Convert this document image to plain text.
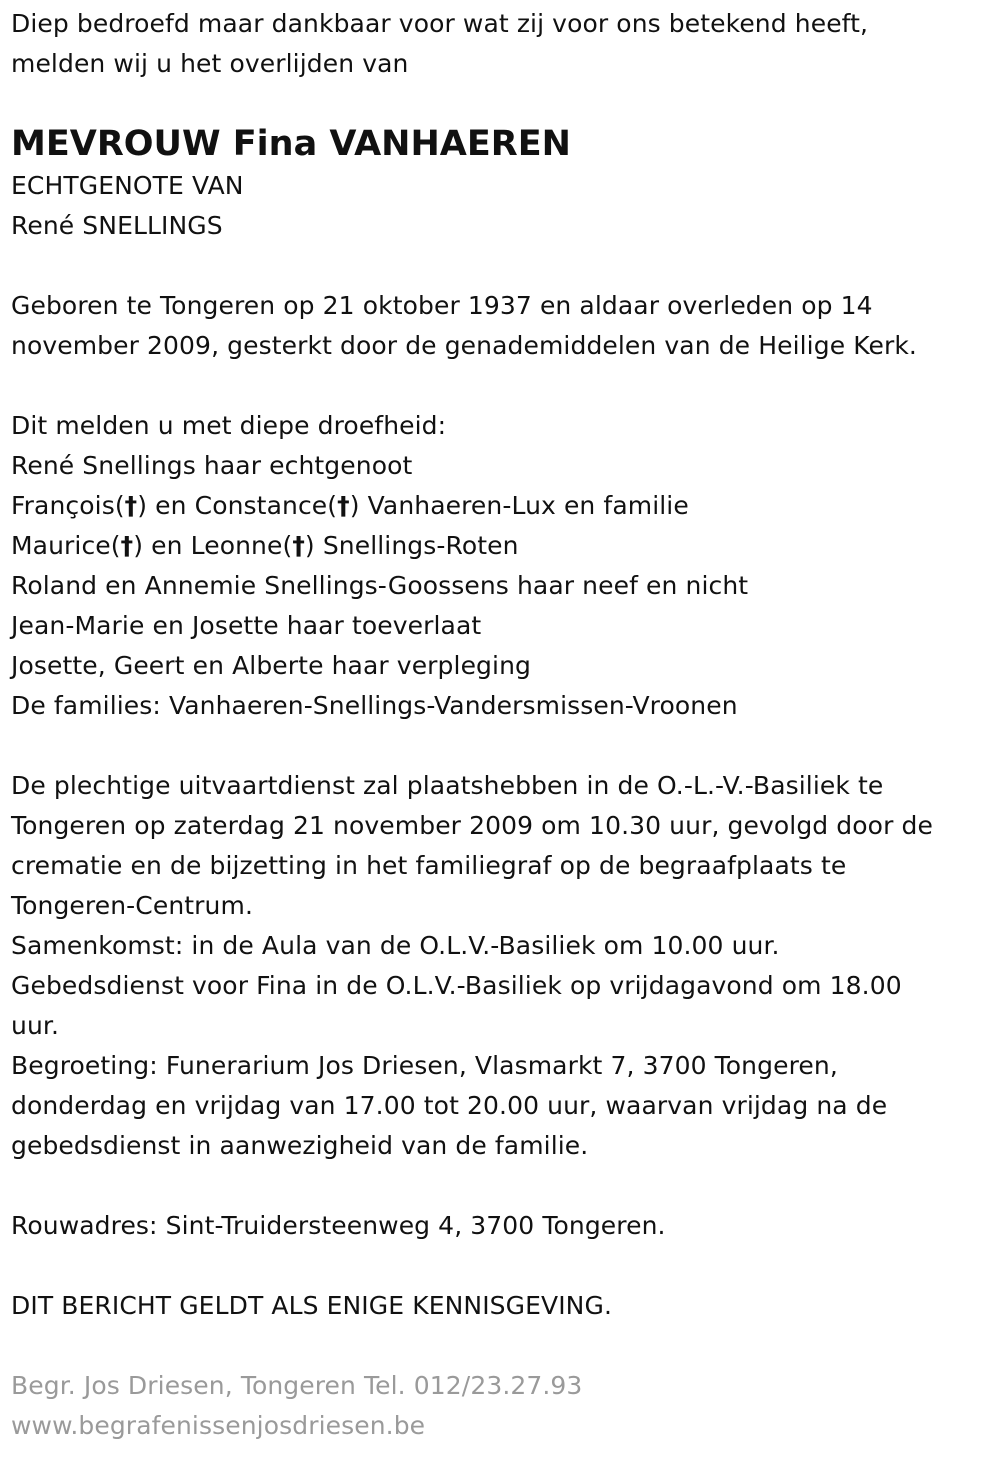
Diep bedroefd maar dankbaar voor wat zij voor ons betekend heeft,
melden wij u het overlijden van
MEVROUW Fina VANHAEREN
ECHTGENOTE VAN
René SNELLINGS
Geboren te Tongeren op 21 oktober 1937 en aldaar overleden op 14
november 2009, gesterkt door de genademiddelen van de Heilige Kerk.
Dit melden u met diepe droefheid:
René Snellings haar echtgenoot
François(†) en Constance(†) Vanhaeren-Lux en familie
Maurice(†) en Leonne(†) Snellings-Roten
Roland en Annemie Snellings-Goossens haar neef en nicht
Jean-Marie en Josette haar toeverlaat
Josette, Geert en Alberte haar verpleging
De families: Vanhaeren-Snellings-Vandersmissen-Vroonen
De plechtige uitvaartdienst zal plaatshebben in de O.-L.-V.-Basiliek te
Tongeren op zaterdag 21 november 2009 om 10.30 uur, gevolgd door de
crematie en de bijzetting in het familiegraf op de begraafplaats te
Tongeren-Centrum.
Samenkomst: in de Aula van de O.L.V.-Basiliek om 10.00 uur.
Gebedsdienst voor Fina in de O.L.V.-Basiliek op vrijdagavond om 18.00
uur.
Begroeting: Funerarium Jos Driesen, Vlasmarkt 7, 3700 Tongeren,
donderdag en vrijdag van 17.00 tot 20.00 uur, waarvan vrijdag na de
gebedsdienst in aanwezigheid van de familie.
Rouwadres: Sint-Truidersteenweg 4, 3700 Tongeren.
DIT BERICHT GELDT ALS ENIGE KENNISGEVING.
Begr. Jos Driesen, Tongeren Tel. 012/23.27.93
www.begrafenissenjosdriesen.be
